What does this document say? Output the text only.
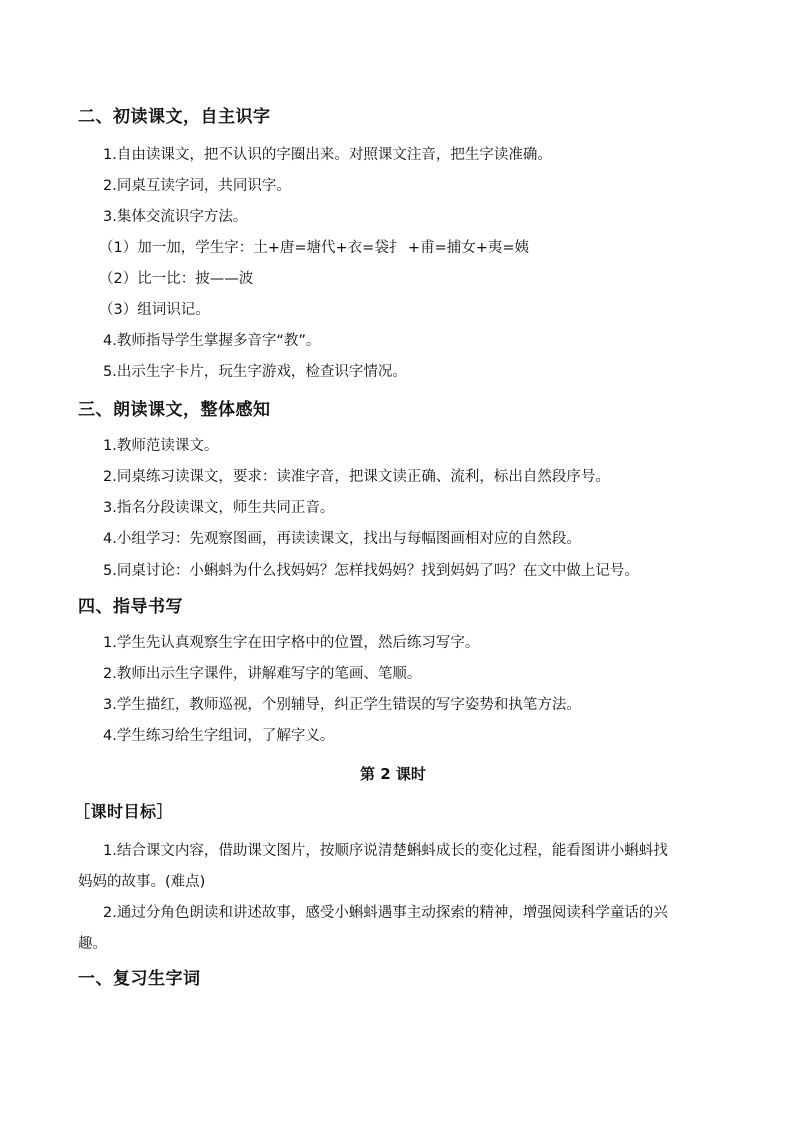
二、初读课文，自主识字
1.自由读课文，把不认识的字圈出来。对照课文注音，把生字读准确。
2.同桌互读字词，共同识字。
3.集体交流识字方法。
（1）加一加，学生字：土+唐=塘代+衣=袋扌 +甫=捕女+夷=姨
（2）比一比：披——波
（3）组词识记。
4.教师指导学生掌握多音字“教”。
5.出示生字卡片，玩生字游戏，检查识字情况。
三、朗读课文，整体感知
1.教师范读课文。
2.同桌练习读课文，要求：读准字音，把课文读正确、流利，标出自然段序号。
3.指名分段读课文，师生共同正音。
4.小组学习：先观察图画，再读读课文，找出与每幅图画相对应的自然段。
5.同桌讨论：小蝌蚪为什么找妈妈？怎样找妈妈？找到妈妈了吗？在文中做上记号。
四、指导书写
1.学生先认真观察生字在田字格中的位置，然后练习写字。
2.教师出示生字课件，讲解难写字的笔画、笔顺。
3.学生描红，教师巡视，个别辅导，纠正学生错误的写字姿势和执笔方法。
4.学生练习给生字组词，了解字义。
第 2 课时
［课时目标］
1.结合课文内容，借助课文图片，按顺序说清楚蝌蚪成长的变化过程，能看图讲小蝌蚪找
妈妈的故事。(难点)
2.通过分角色朗读和讲述故事，感受小蝌蚪遇事主动探索的精神，增强阅读科学童话的兴
趣。
一、复习生字词
